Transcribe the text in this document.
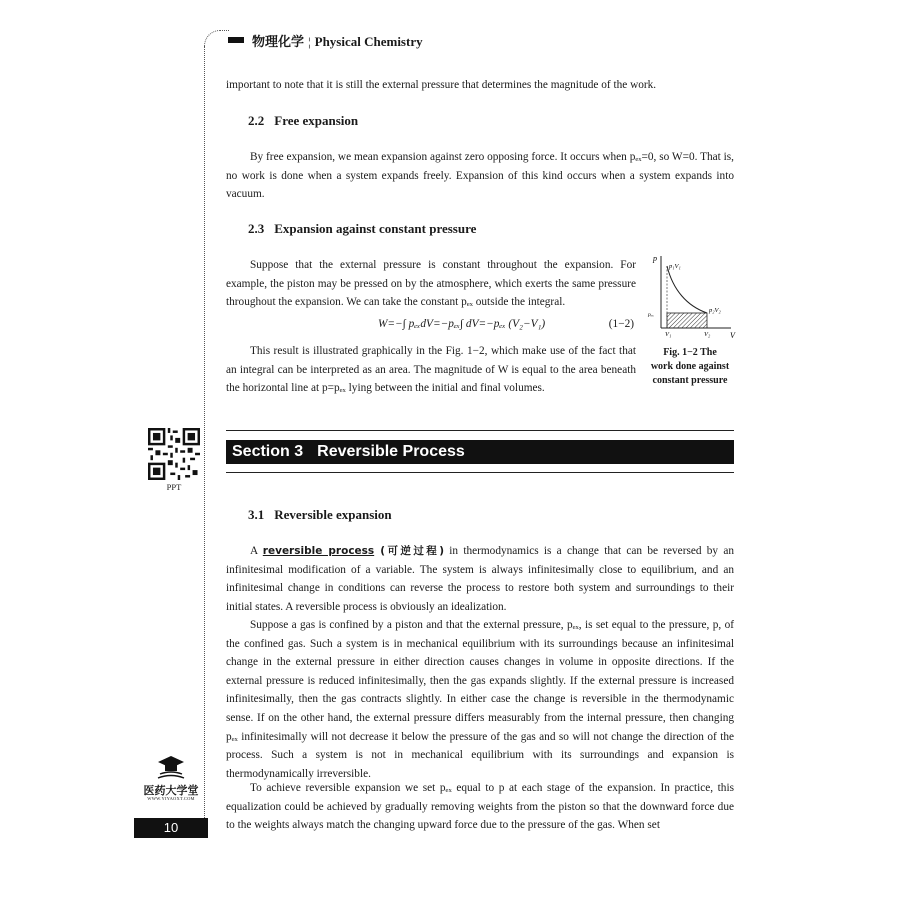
物理化学 ¦ Physical Chemistry
important to note that it is still the external pressure that determines the magnitude of the work.
2.2 Free expansion
By free expansion, we mean expansion against zero opposing force. It occurs when pₑₓ=0, so W=0. That is, no work is done when a system expands freely. Expansion of this kind occurs when a system expands into vacuum.
2.3 Expansion against constant pressure
Suppose that the external pressure is constant throughout the expansion. For example, the piston may be pressed on by the atmosphere, which exerts the same pressure throughout the expansion. We can take the constant pₑₓ outside the integral.
W=−∫ pₑₓdV=−pₑₓ∫ dV=−pₑₓ (V₂−V₁)	(1−2)
This result is illustrated graphically in the Fig. 1−2, which make use of the fact that an integral can be interpreted as an area. The magnitude of W is equal to the area beneath the horizontal line at p=pₑₓ lying between the initial and final volumes.
p
V
p₁V₁
p₂V₂
pₑₓ
V₁	V₂
Fig. 1−2 The
work done against
constant pressure
Section 3 Reversible Process
PPT
医药大学堂
WWW.YIYAOXT.COM
3.1 Reversible expansion
A reversible process (可逆过程) in thermodynamics is a change that can be reversed by an infinitesimal modification of a variable. The system is always infinitesimally close to equilibrium, and an infinitesimal change in conditions can reverse the process to restore both system and surroundings to their initial states. A reversible process is obviously an idealization.
Suppose a gas is confined by a piston and that the external pressure, pₑₓ, is set equal to the pressure, p, of the confined gas. Such a system is in mechanical equilibrium with its surroundings because an infinitesimal change in the external pressure in either direction causes changes in volume in opposite directions. If the external pressure is reduced infinitesimally, then the gas expands slightly. If the external pressure is increased infinitesimally, then the gas contracts slightly. In either case the change is reversible in the thermodynamic sense. If on the other hand, the external pressure differs measurably from the internal pressure, then changing pₑₓ infinitesimally will not decrease it below the pressure of the gas and so will not change the direction of the process. Such a system is not in mechanical equilibrium with its surroundings and expansion is thermodynamically irreversible.
To achieve reversible expansion we set pₑₓ equal to p at each stage of the expansion. In practice, this equalization could be achieved by gradually removing weights from the piston so that the downward force due to the weights always match the changing upward force due to the pressure of the gas. When set
10
